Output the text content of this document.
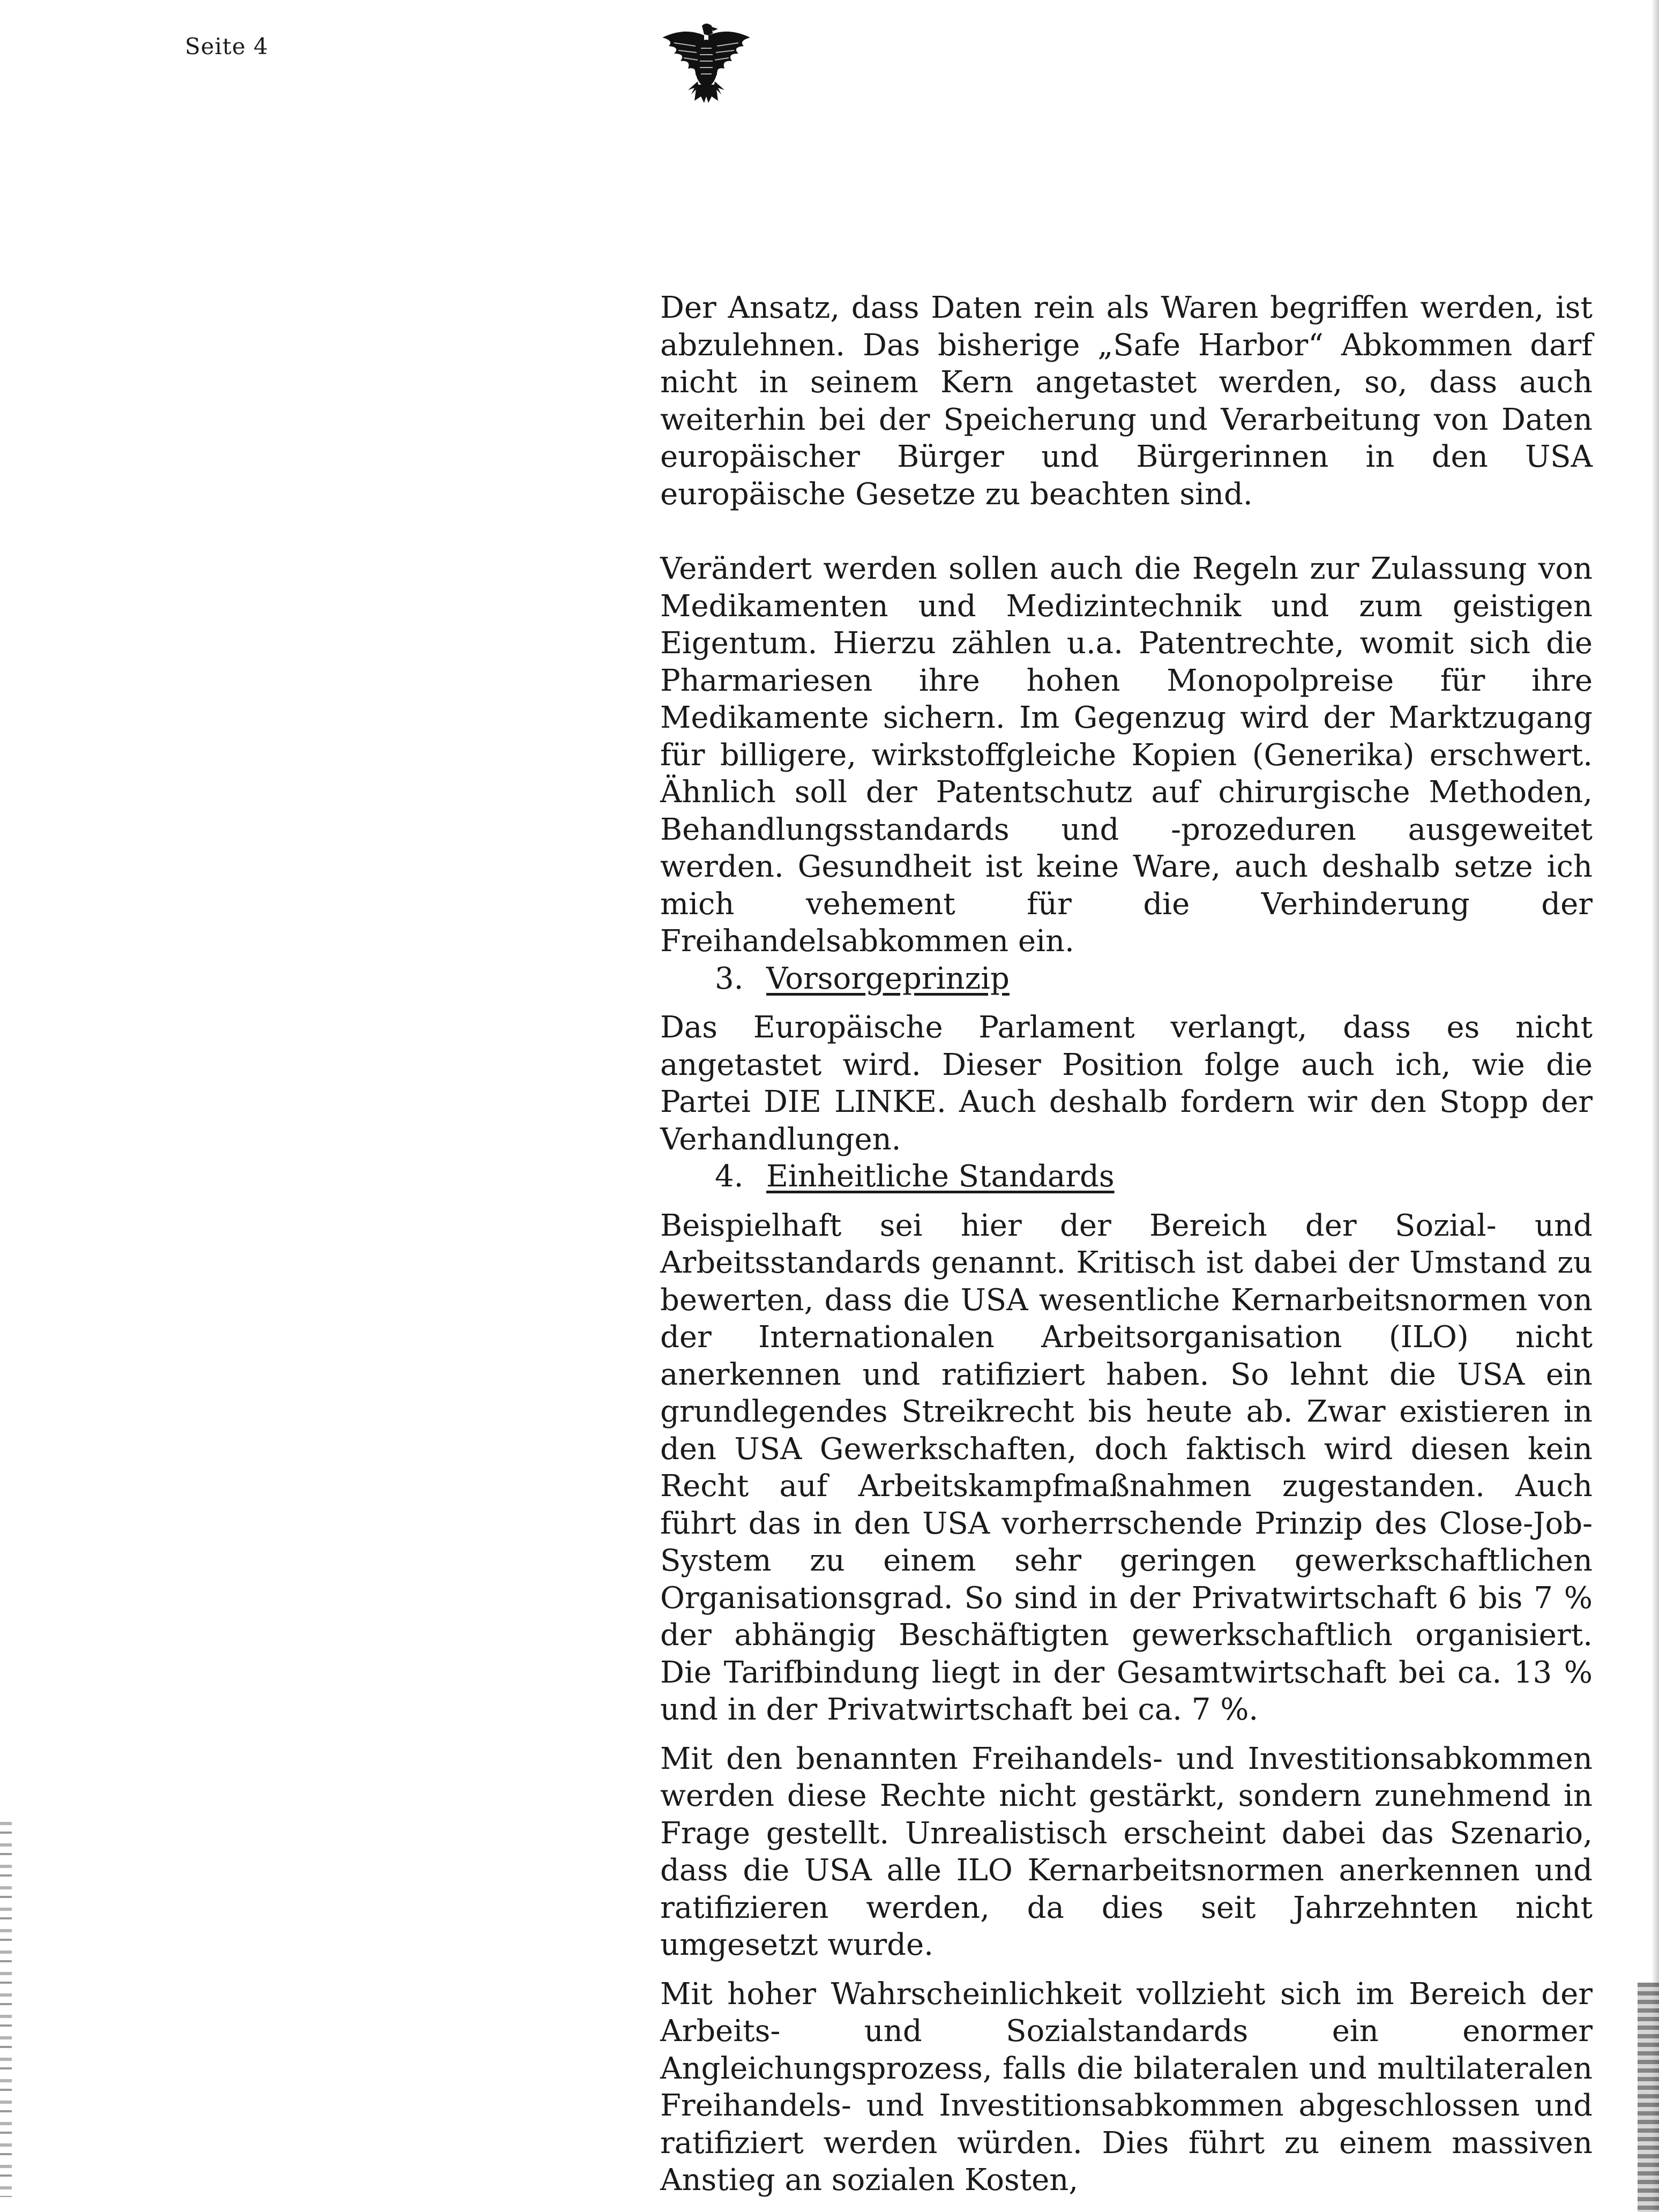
Seite 4

Der Ansatz, dass Daten rein als Waren begriffen werden, ist abzulehnen. Das bisherige „Safe Harbor“ Abkommen darf nicht in seinem Kern angetastet werden, so, dass auch weiterhin bei der Speicherung und Verarbeitung von Daten europäischer Bürger und Bürgerinnen in den USA europäische Gesetze zu beachten sind.

Verändert werden sollen auch die Regeln zur Zulassung von Medikamenten und Medizintechnik und zum geistigen Eigentum. Hierzu zählen u.a. Patentrechte, womit sich die Pharmariesen ihre hohen Monopolpreise für ihre Medikamente sichern. Im Gegenzug wird der Marktzugang für billigere, wirkstoffgleiche Kopien (Generika) erschwert. Ähnlich soll der Patentschutz auf chirurgische Methoden, Behandlungsstandards und -prozeduren ausgeweitet werden. Gesundheit ist keine Ware, auch deshalb setze ich mich vehement für die Verhinderung der Freihandelsabkommen ein.

3. Vorsorgeprinzip

Das Europäische Parlament verlangt, dass es nicht angetastet wird. Dieser Position folge auch ich, wie die Partei DIE LINKE. Auch deshalb fordern wir den Stopp der Verhandlungen.

4. Einheitliche Standards

Beispielhaft sei hier der Bereich der Sozial- und Arbeitsstandards genannt. Kritisch ist dabei der Umstand zu bewerten, dass die USA wesentliche Kernarbeitsnormen von der Internationalen Arbeitsorganisation (ILO) nicht anerkennen und ratifiziert haben. So lehnt die USA ein grundlegendes Streikrecht bis heute ab. Zwar existieren in den USA Gewerkschaften, doch faktisch wird diesen kein Recht auf Arbeitskampfmaßnahmen zugestanden. Auch führt das in den USA vorherrschende Prinzip des Close-Job-System zu einem sehr geringen gewerkschaftlichen Organisationsgrad. So sind in der Privatwirtschaft 6 bis 7 % der abhängig Beschäftigten gewerkschaftlich organisiert. Die Tarifbindung liegt in der Gesamtwirtschaft bei ca. 13 % und in der Privatwirtschaft bei ca. 7 %.

Mit den benannten Freihandels- und Investitionsabkommen werden diese Rechte nicht gestärkt, sondern zunehmend in Frage gestellt. Unrealistisch erscheint dabei das Szenario, dass die USA alle ILO Kernarbeitsnormen anerkennen und ratifizieren werden, da dies seit Jahrzehnten nicht umgesetzt wurde.

Mit hoher Wahrscheinlichkeit vollzieht sich im Bereich der Arbeits- und Sozialstandards ein enormer Angleichungsprozess, falls die bilateralen und multilateralen Freihandels- und Investitionsabkommen abgeschlossen und ratifiziert werden würden. Dies führt zu einem massiven Anstieg an sozialen Kosten,
